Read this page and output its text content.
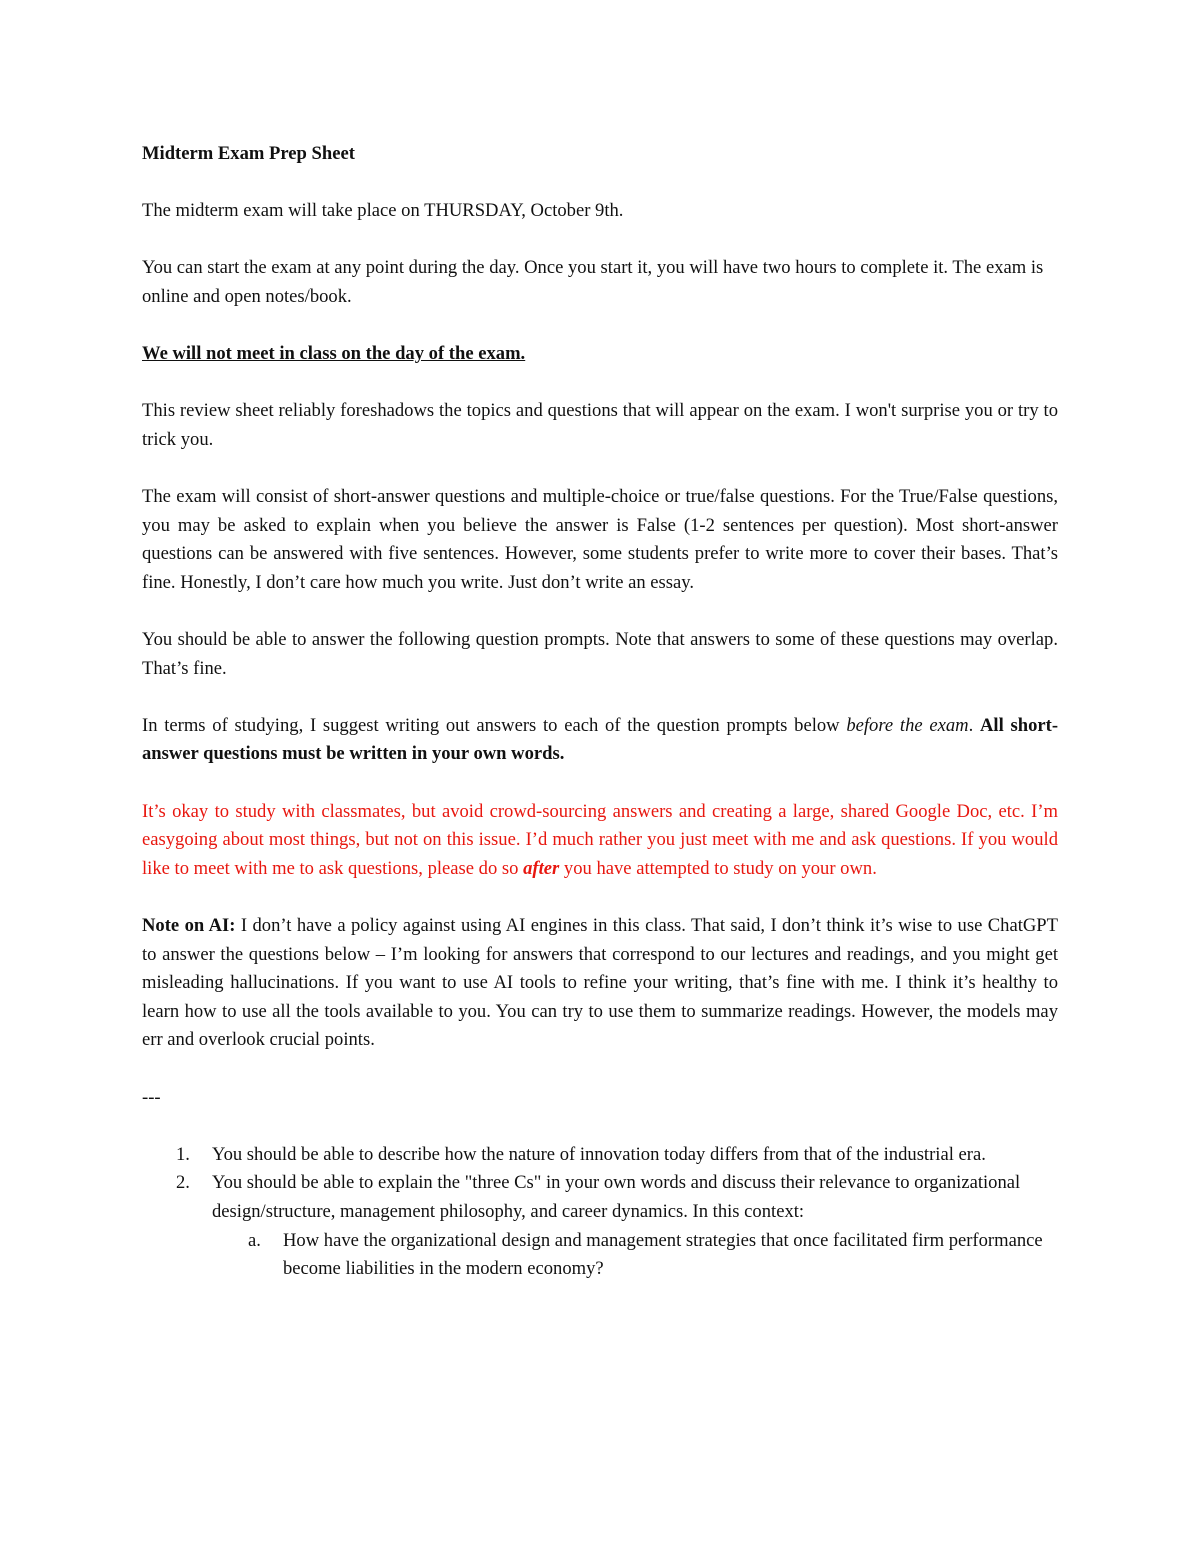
Midterm Exam Prep Sheet

The midterm exam will take place on THURSDAY, October 9th.

You can start the exam at any point during the day. Once you start it, you will have two hours to complete it. The exam is online and open notes/book.

We will not meet in class on the day of the exam.

This review sheet reliably foreshadows the topics and questions that will appear on the exam. I won't surprise you or try to trick you.

The exam will consist of short-answer questions and multiple-choice or true/false questions. For the True/False questions, you may be asked to explain when you believe the answer is False (1-2 sentences per question). Most short-answer questions can be answered with five sentences. However, some students prefer to write more to cover their bases. That’s fine. Honestly, I don’t care how much you write. Just don’t write an essay.

You should be able to answer the following question prompts. Note that answers to some of these questions may overlap. That’s fine.

In terms of studying, I suggest writing out answers to each of the question prompts below before the exam. All short-answer questions must be written in your own words.

It’s okay to study with classmates, but avoid crowd-sourcing answers and creating a large, shared Google Doc, etc. I’m easygoing about most things, but not on this issue. I’d much rather you just meet with me and ask questions. If you would like to meet with me to ask questions, please do so after you have attempted to study on your own.

Note on AI: I don’t have a policy against using AI engines in this class. That said, I don’t think it’s wise to use ChatGPT to answer the questions below – I’m looking for answers that correspond to our lectures and readings, and you might get misleading hallucinations. If you want to use AI tools to refine your writing, that’s fine with me. I think it’s healthy to learn how to use all the tools available to you. You can try to use them to summarize readings. However, the models may err and overlook crucial points.

---

1. You should be able to describe how the nature of innovation today differs from that of the industrial era.
2. You should be able to explain the "three Cs" in your own words and discuss their relevance to organizational design/structure, management philosophy, and career dynamics. In this context:
a. How have the organizational design and management strategies that once facilitated firm performance become liabilities in the modern economy?
